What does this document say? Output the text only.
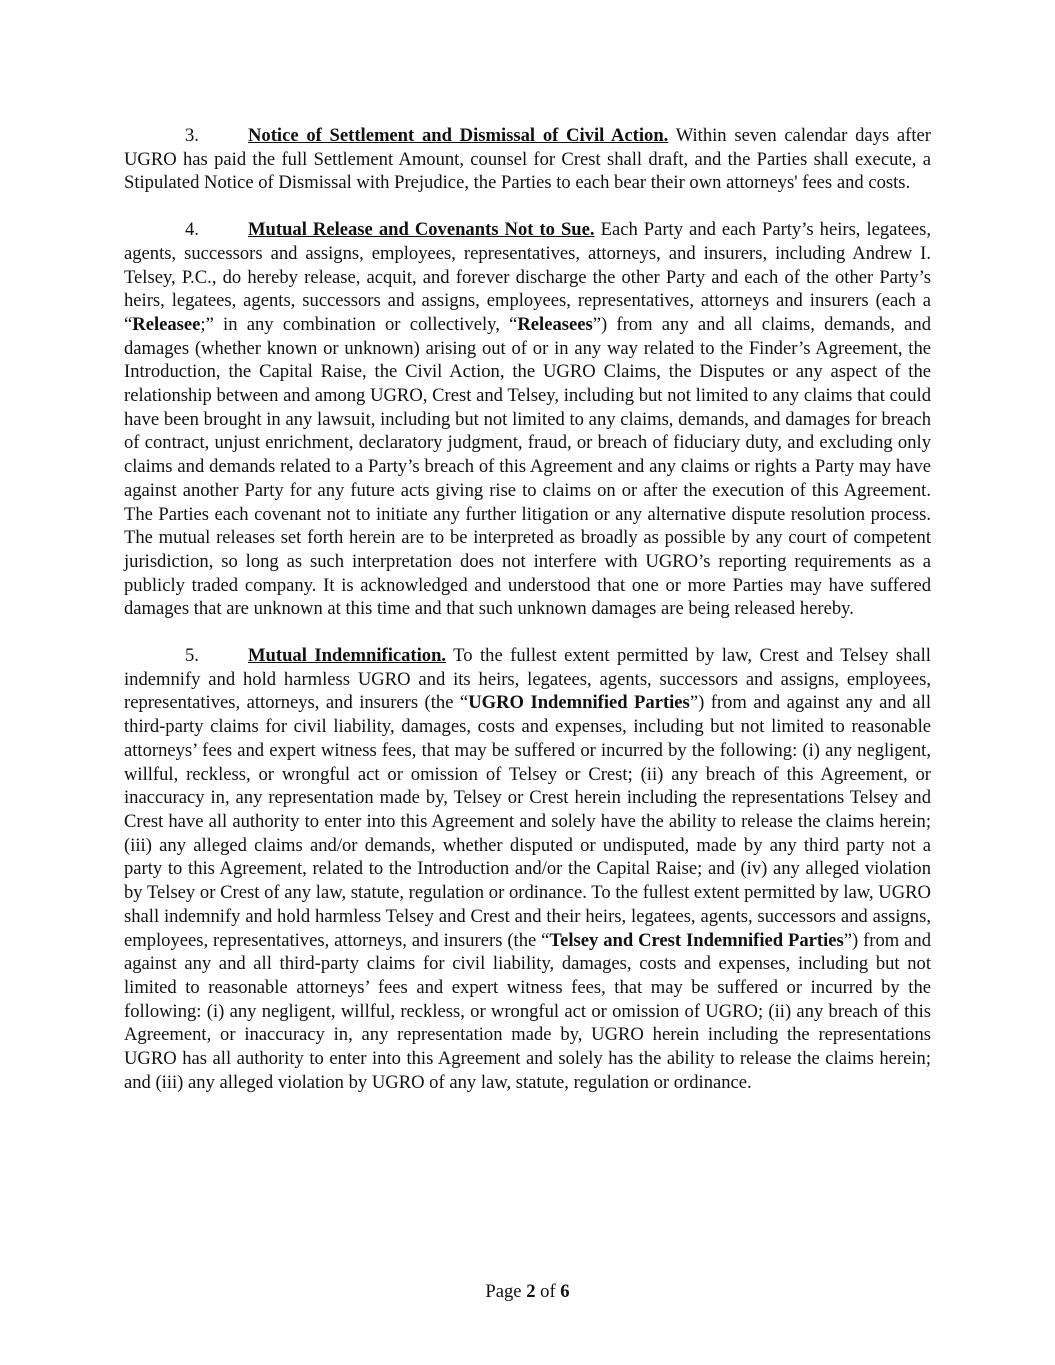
3.	Notice of Settlement and Dismissal of Civil Action. Within seven calendar days after UGRO has paid the full Settlement Amount, counsel for Crest shall draft, and the Parties shall execute, a Stipulated Notice of Dismissal with Prejudice, the Parties to each bear their own attorneys' fees and costs.

4.	Mutual Release and Covenants Not to Sue. Each Party and each Party’s heirs, legatees, agents, successors and assigns, employees, representatives, attorneys, and insurers, including Andrew I. Telsey, P.C., do hereby release, acquit, and forever discharge the other Party and each of the other Party’s heirs, legatees, agents, successors and assigns, employees, representatives, attorneys and insurers (each a “Releasee;” in any combination or collectively, “Releasees”) from any and all claims, demands, and damages (whether known or unknown) arising out of or in any way related to the Finder’s Agreement, the Introduction, the Capital Raise, the Civil Action, the UGRO Claims, the Disputes or any aspect of the relationship between and among UGRO, Crest and Telsey, including but not limited to any claims that could have been brought in any lawsuit, including but not limited to any claims, demands, and damages for breach of contract, unjust enrichment, declaratory judgment, fraud, or breach of fiduciary duty, and excluding only claims and demands related to a Party’s breach of this Agreement and any claims or rights a Party may have against another Party for any future acts giving rise to claims on or after the execution of this Agreement. The Parties each covenant not to initiate any further litigation or any alternative dispute resolution process. The mutual releases set forth herein are to be interpreted as broadly as possible by any court of competent jurisdiction, so long as such interpretation does not interfere with UGRO’s reporting requirements as a publicly traded company. It is acknowledged and understood that one or more Parties may have suffered damages that are unknown at this time and that such unknown damages are being released hereby.

5.	Mutual Indemnification. To the fullest extent permitted by law, Crest and Telsey shall indemnify and hold harmless UGRO and its heirs, legatees, agents, successors and assigns, employees, representatives, attorneys, and insurers (the “UGRO Indemnified Parties”) from and against any and all third-party claims for civil liability, damages, costs and expenses, including but not limited to reasonable attorneys’ fees and expert witness fees, that may be suffered or incurred by the following: (i) any negligent, willful, reckless, or wrongful act or omission of Telsey or Crest; (ii) any breach of this Agreement, or inaccuracy in, any representation made by, Telsey or Crest herein including the representations Telsey and Crest have all authority to enter into this Agreement and solely have the ability to release the claims herein; (iii) any alleged claims and/or demands, whether disputed or undisputed, made by any third party not a party to this Agreement, related to the Introduction and/or the Capital Raise; and (iv) any alleged violation by Telsey or Crest of any law, statute, regulation or ordinance. To the fullest extent permitted by law, UGRO shall indemnify and hold harmless Telsey and Crest and their heirs, legatees, agents, successors and assigns, employees, representatives, attorneys, and insurers (the “Telsey and Crest Indemnified Parties”) from and against any and all third-party claims for civil liability, damages, costs and expenses, including but not limited to reasonable attorneys’ fees and expert witness fees, that may be suffered or incurred by the following: (i) any negligent, willful, reckless, or wrongful act or omission of UGRO; (ii) any breach of this Agreement, or inaccuracy in, any representation made by, UGRO herein including the representations UGRO has all authority to enter into this Agreement and solely has the ability to release the claims herein; and (iii) any alleged violation by UGRO of any law, statute, regulation or ordinance.

Page 2 of 6
